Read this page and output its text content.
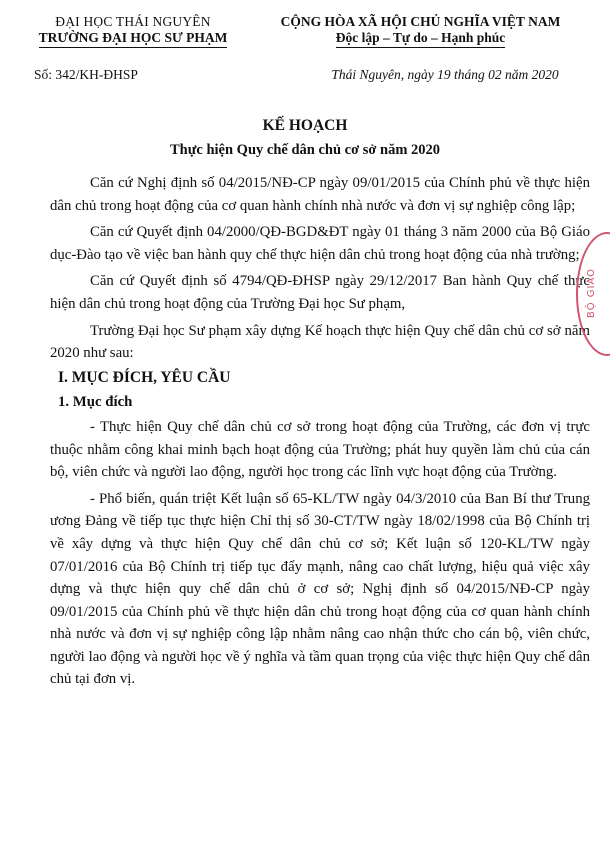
ĐẠI HỌC THÁI NGUYÊN
TRƯỜNG ĐẠI HỌC SƯ PHẠM
CỘNG HÒA XÃ HỘI CHỦ NGHĨA VIỆT NAM
Độc lập – Tự do – Hạnh phúc
Số: 342/KH-ĐHSP	Thái Nguyên, ngày 19 tháng 02 năm 2020
KẾ HOẠCH
Thực hiện Quy chế dân chủ cơ sở năm 2020

Căn cứ Nghị định số 04/2015/NĐ-CP ngày 09/01/2015 của Chính phủ về thực hiện dân chủ trong hoạt động của cơ quan hành chính nhà nước và đơn vị sự nghiệp công lập;

Căn cứ Quyết định 04/2000/QĐ-BGD&ĐT ngày 01 tháng 3 năm 2000 của Bộ Giáo dục-Đào tạo về việc ban hành quy chế thực hiện dân chủ trong hoạt động của nhà trường;

Căn cứ Quyết định số 4794/QĐ-ĐHSP ngày 29/12/2017 Ban hành Quy chế thực hiện dân chủ trong hoạt động của Trường Đại học Sư phạm,

Trường Đại học Sư phạm xây dựng Kế hoạch thực hiện Quy chế dân chủ cơ sở năm 2020 như sau:

I. MỤC ĐÍCH, YÊU CẦU

1. Mục đích

- Thực hiện Quy chế dân chủ cơ sở trong hoạt động của Trường, các đơn vị trực thuộc nhằm công khai minh bạch hoạt động của Trường; phát huy quyền làm chủ của cán bộ, viên chức và người lao động, người học trong các lĩnh vực hoạt động của Trường.

- Phổ biến, quán triệt Kết luận số 65-KL/TW ngày 04/3/2010 của Ban Bí thư Trung ương Đảng về tiếp tục thực hiện Chỉ thị số 30-CT/TW ngày 18/02/1998 của Bộ Chính trị về xây dựng và thực hiện Quy chế dân chủ cơ sở; Kết luận số 120-KL/TW ngày 07/01/2016 của Bộ Chính trị tiếp tục đẩy mạnh, nâng cao chất lượng, hiệu quả việc xây dựng và thực hiện quy chế dân chủ ở cơ sở; Nghị định số 04/2015/NĐ-CP ngày 09/01/2015 của Chính phủ về thực hiện dân chủ trong hoạt động của cơ quan hành chính nhà nước và đơn vị sự nghiệp công lập nhằm nâng cao nhận thức cho cán bộ, viên chức, người lao động và người học về ý nghĩa và tầm quan trọng của việc thực hiện Quy chế dân chủ tại đơn vị.

BỘ GIÁO
